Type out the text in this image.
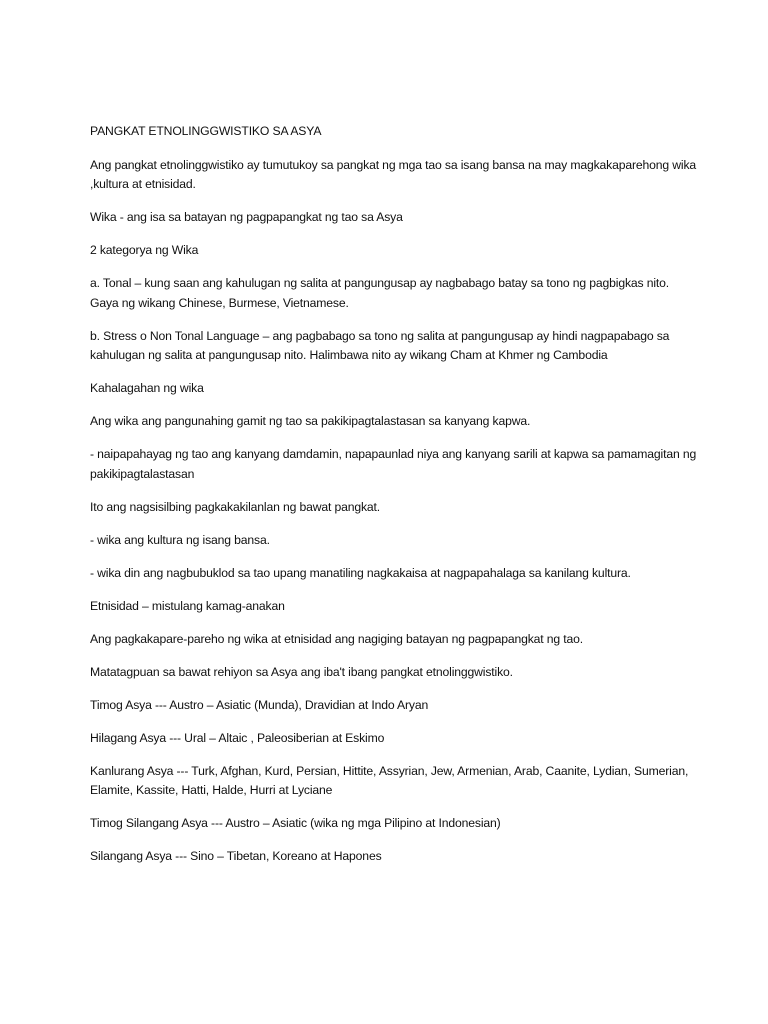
PANGKAT ETNOLINGGWISTIKO SA ASYA

Ang pangkat etnolinggwistiko ay tumutukoy sa pangkat ng mga tao sa isang bansa na may magkakaparehong wika ,kultura at etnisidad.

Wika - ang isa sa batayan ng pagpapangkat ng tao sa Asya

2 kategorya ng Wika

a. Tonal – kung saan ang kahulugan ng salita at pangungusap ay nagbabago batay sa tono ng pagbigkas nito. Gaya ng wikang Chinese, Burmese, Vietnamese.

b. Stress o Non Tonal Language – ang pagbabago sa tono ng salita at pangungusap ay hindi nagpapabago sa kahulugan ng salita at pangungusap nito. Halimbawa nito ay wikang Cham at Khmer ng Cambodia

Kahalagahan ng wika

Ang wika ang pangunahing gamit ng tao sa pakikipagtalastasan sa kanyang kapwa.

- naipapahayag ng tao ang kanyang damdamin, napapaunlad niya ang kanyang sarili at kapwa sa pamamagitan ng pakikipagtalastasan

Ito ang nagsisilbing pagkakakilanlan ng bawat pangkat.

- wika ang kultura ng isang bansa.

- wika din ang nagbubuklod sa tao upang manatiling nagkakaisa at nagpapahalaga sa kanilang kultura.

Etnisidad – mistulang kamag-anakan

Ang pagkakapare-pareho ng wika at etnisidad ang nagiging batayan ng pagpapangkat ng tao.

Matatagpuan sa bawat rehiyon sa Asya ang iba't ibang pangkat etnolinggwistiko.

Timog Asya --- Austro – Asiatic (Munda), Dravidian at Indo Aryan

Hilagang Asya --- Ural – Altaic , Paleosiberian at Eskimo

Kanlurang Asya --- Turk, Afghan, Kurd, Persian, Hittite, Assyrian, Jew, Armenian, Arab, Caanite, Lydian, Sumerian, Elamite, Kassite, Hatti, Halde, Hurri at Lyciane

Timog Silangang Asya --- Austro – Asiatic (wika ng mga Pilipino at Indonesian)

Silangang Asya --- Sino – Tibetan, Koreano at Hapones
